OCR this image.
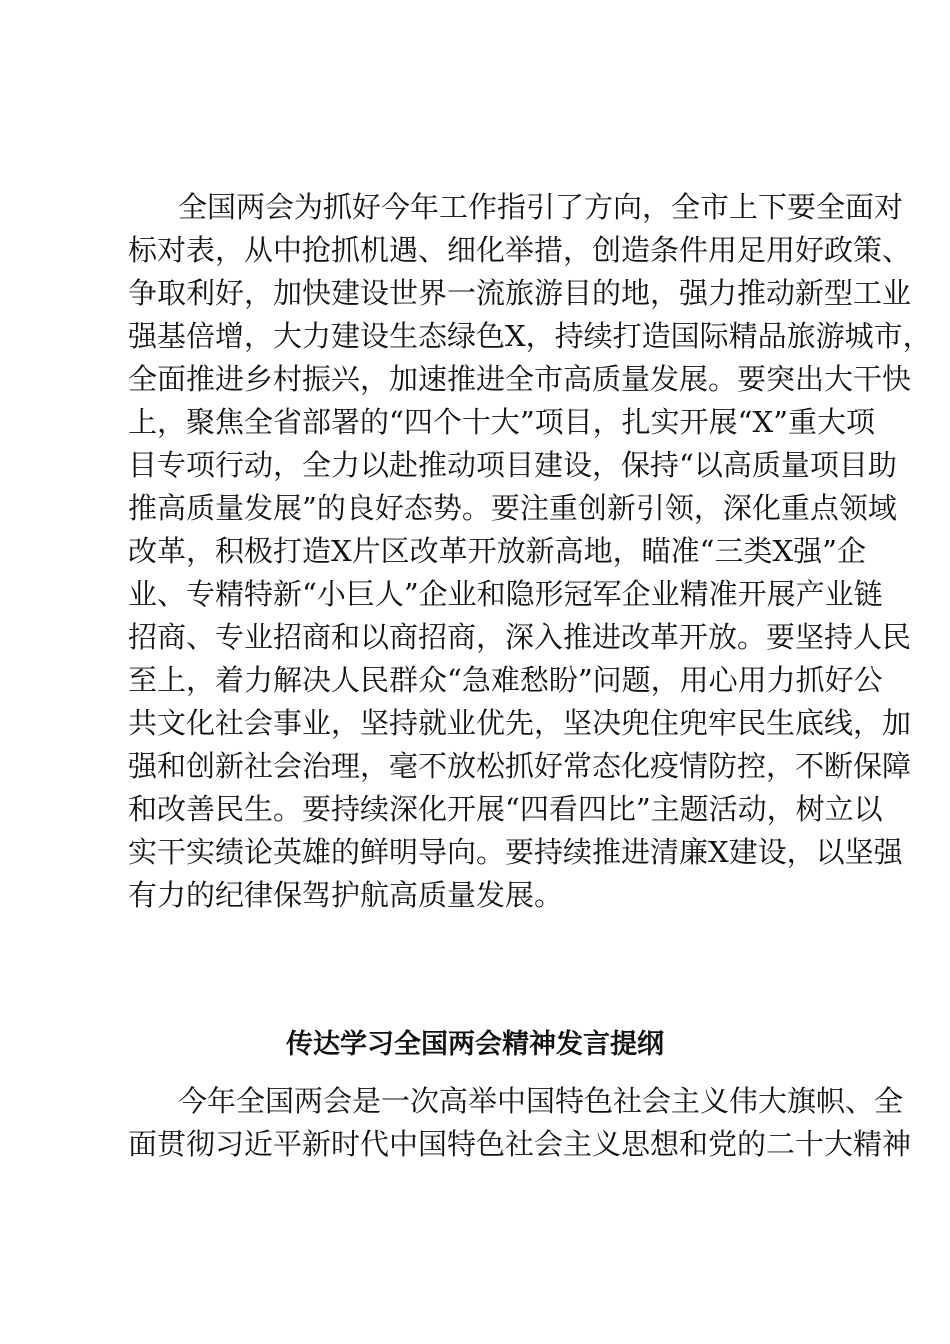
全国两会为抓好今年工作指引了方向，全市上下要全面对
标对表，从中抢抓机遇、细化举措，创造条件用足用好政策、
争取利好，加快建设世界一流旅游目的地，强力推动新型工业
强基倍增，大力建设生态绿色X，持续打造国际精品旅游城市，
全面推进乡村振兴，加速推进全市高质量发展。要突出大干快
上，聚焦全省部署的“四个十大”项目，扎实开展“X”重大项
目专项行动，全力以赴推动项目建设，保持“以高质量项目助
推高质量发展”的良好态势。要注重创新引领，深化重点领域
改革，积极打造X片区改革开放新高地，瞄准“三类X强”企
业、专精特新“小巨人”企业和隐形冠军企业精准开展产业链
招商、专业招商和以商招商，深入推进改革开放。要坚持人民
至上，着力解决人民群众“急难愁盼”问题，用心用力抓好公
共文化社会事业，坚持就业优先，坚决兜住兜牢民生底线，加
强和创新社会治理，毫不放松抓好常态化疫情防控，不断保障
和改善民生。要持续深化开展“四看四比”主题活动，树立以
实干实绩论英雄的鲜明导向。要持续推进清廉X建设，以坚强
有力的纪律保驾护航高质量发展。
传达学习全国两会精神发言提纲
今年全国两会是一次高举中国特色社会主义伟大旗帜、全
面贯彻习近平新时代中国特色社会主义思想和党的二十大精神
